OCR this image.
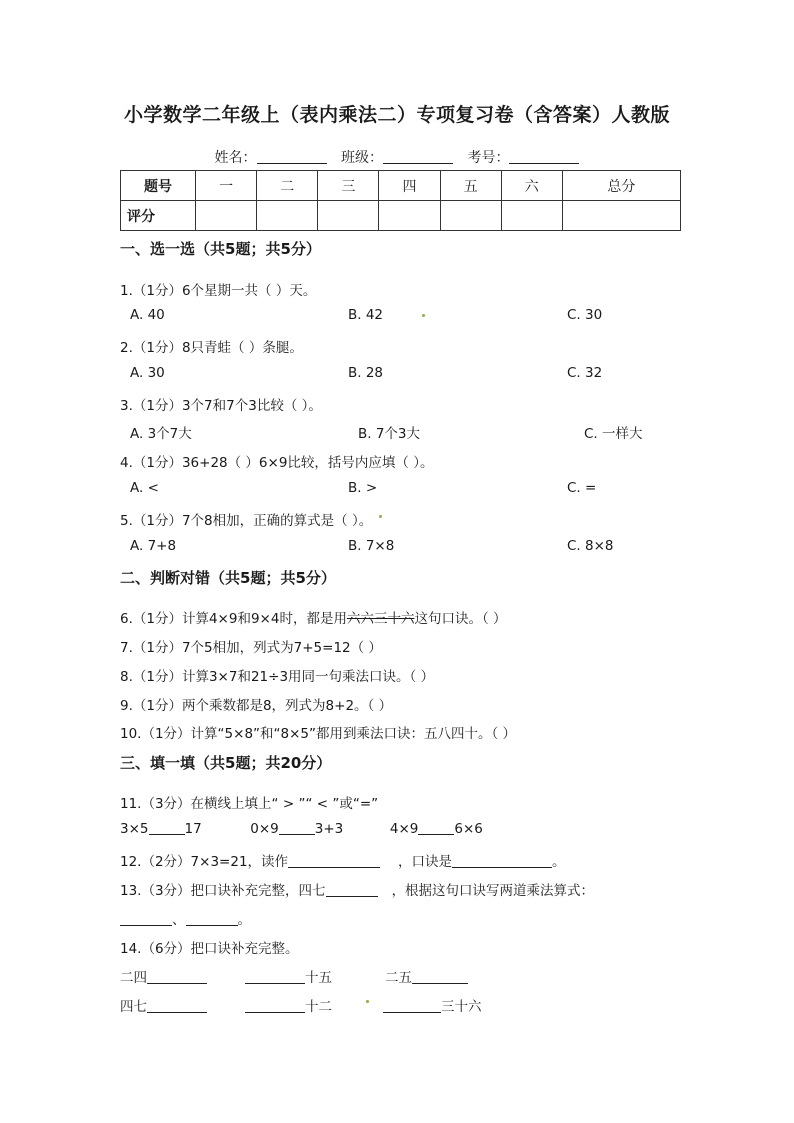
小学数学二年级上（表内乘法二）专项复习卷（含答案）人教版
姓名：	班级：	考号：
题号	一	二	三	四	五	六	总分
评分							
一、选一选（共5题；共5分）
1.（1分）6个星期一共（ ）天。
A. 40	B. 42	C. 30
2.（1分）8只青蛙（ ）条腿。
A. 30	B. 28	C. 32
3.（1分）3个7和7个3比较（ ）。
A. 3个7大	B. 7个3大	C. 一样大
4.（1分）36+28（ ）6×9比较，括号内应填（ ）。
A. <	B. >	C. =
5.（1分）7个8相加，正确的算式是（ ）。
A. 7+8	B. 7×8	C. 8×8
二、判断对错（共5题；共5分）
6.（1分）计算4×9和9×4时，都是用六六三十六这句口诀。（ ）
7.（1分）7个5相加，列式为7+5=12（ ）
8.（1分）计算3×7和21÷3用同一句乘法口诀。（ ）
9.（1分）两个乘数都是8，列式为8+2。（ ）
10.（1分）计算“5×8”和“8×5”都用到乘法口诀：五八四十。（ ）
三、填一填（共5题；共20分）
11.（3分）在横线上填上“ > ”“ < ”或“=”
3×5	17	0×9	3+3	4×9	6×6
12.（2分）7×3=21，读作	，口诀是	。
13.（3分）把口诀补充完整，四七	，根据这句口诀写两道乘法算式：
、	。
14.（6分）把口诀补充完整。
二四	十五	二五
四七	十二	三十六
